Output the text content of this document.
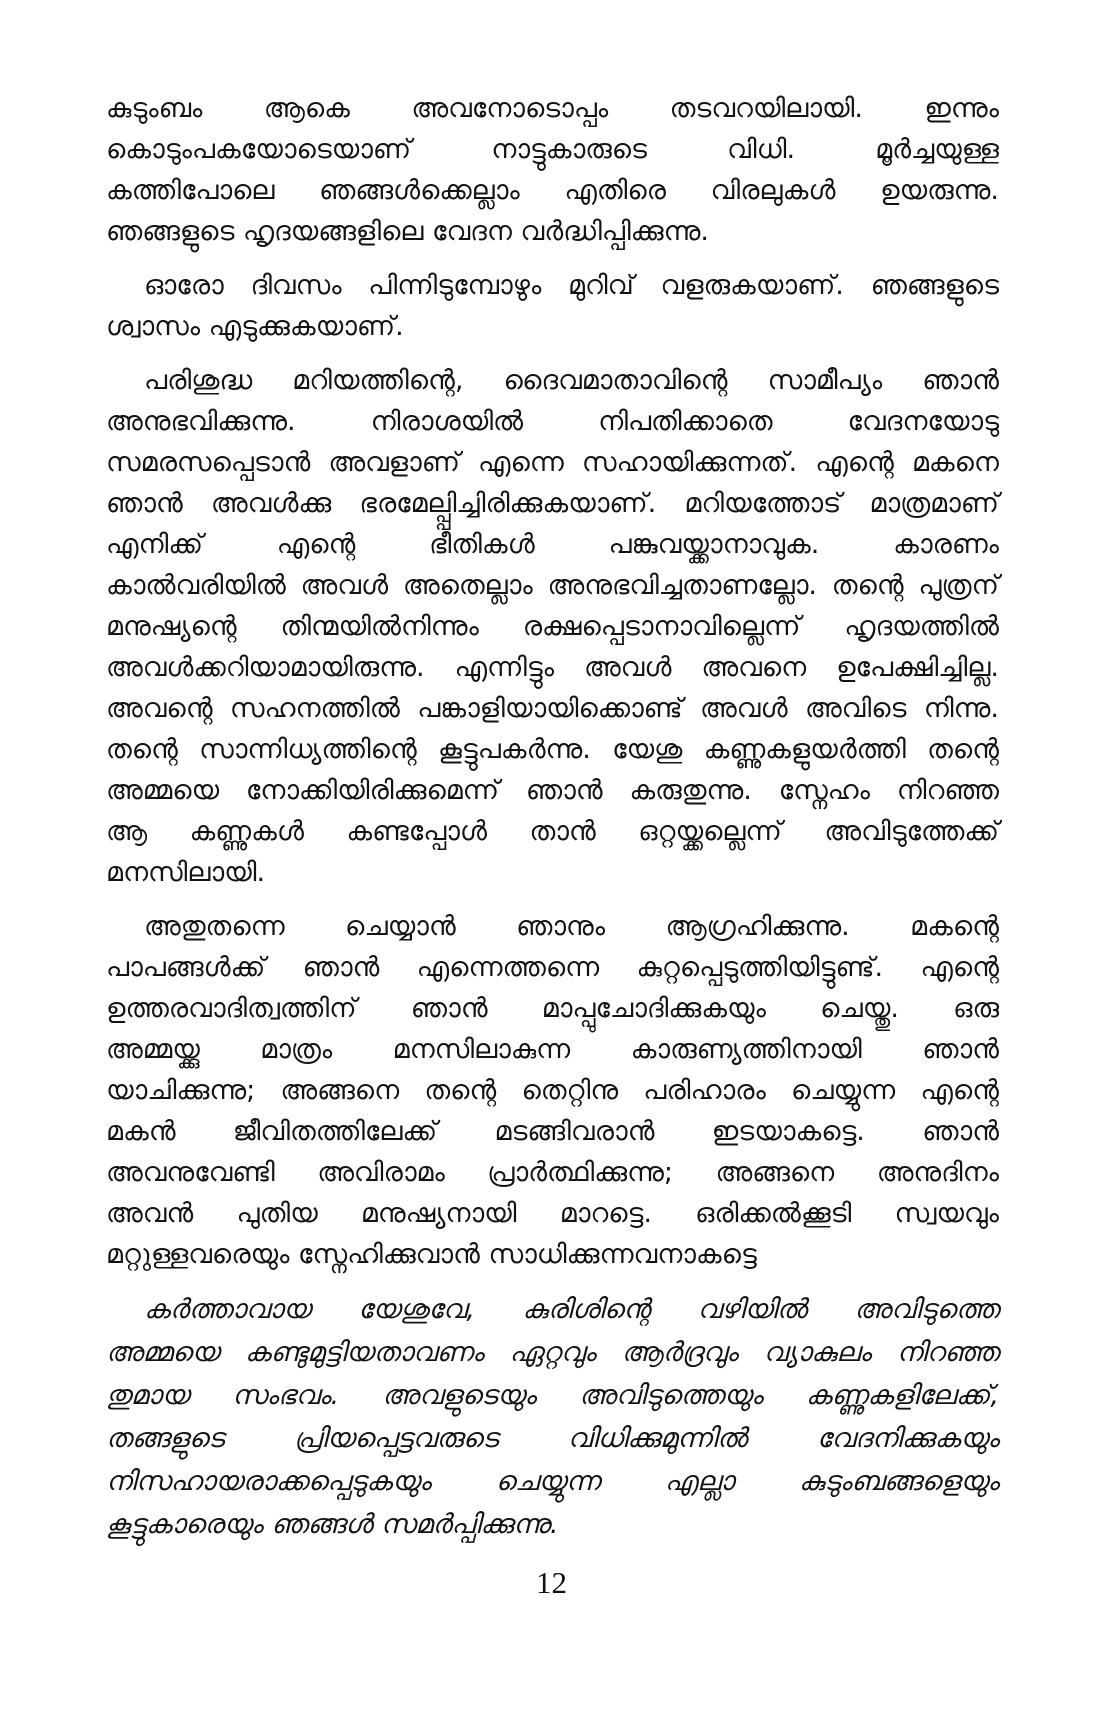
കുടുംബം ആകെ അവനോടൊപ്പം തടവറയിലായി. ഇന്നും
കൊടുംപകയോടെയാണ് നാട്ടുകാരുടെ വിധി. മൂർച്ചയുള്ള
കത്തിപോലെ ഞങ്ങൾക്കെല്ലാം എതിരെ വിരലുകൾ ഉയരുന്നു.
ഞങ്ങളുടെ ഹൃദയങ്ങളിലെ വേദന വർദ്ധിപ്പിക്കുന്നു.
ഓരോ ദിവസം പിന്നിടുമ്പോഴും മുറിവ് വളരുകയാണ്. ഞങ്ങളുടെ
ശ്വാസം എടുക്കുകയാണ്.
പരിശുദ്ധ മറിയത്തിന്റെ, ദൈവമാതാവിന്റെ സാമീപ്യം ഞാൻ
അനുഭവിക്കുന്നു. നിരാശയിൽ നിപതിക്കാതെ വേദനയോടു
സമരസപ്പെടാൻ അവളാണ് എന്നെ സഹായിക്കുന്നത്. എന്റെ മകനെ
ഞാൻ അവൾക്കു ഭരമേല്പ്പിച്ചിരിക്കുകയാണ്. മറിയത്തോട് മാത്രമാണ്
എനിക്ക് എന്റെ ഭീതികൾ പങ്കുവയ്ക്കാനാവുക. കാരണം
കാൽവരിയിൽ അവൾ അതെല്ലാം അനുഭവിച്ചതാണല്ലോ. തന്റെ പുത്രന്
മനുഷ്യന്റെ തിന്മയിൽനിന്നും രക്ഷപ്പെടാനാവില്ലെന്ന് ഹൃദയത്തിൽ
അവൾക്കറിയാമായിരുന്നു. എന്നിട്ടും അവൾ അവനെ ഉപേക്ഷിച്ചില്ല.
അവന്റെ സഹനത്തിൽ പങ്കാളിയായിക്കൊണ്ട് അവൾ അവിടെ നിന്നു.
തന്റെ സാന്നിധ്യത്തിന്റെ കൂട്ടുപകർന്നു. യേശു കണ്ണുകളുയർത്തി തന്റെ
അമ്മയെ നോക്കിയിരിക്കുമെന്ന് ഞാൻ കരുതുന്നു. സ്നേഹം നിറഞ്ഞ
ആ കണ്ണുകൾ കണ്ടപ്പോൾ താൻ ഒറ്റയ്ക്കല്ലെന്ന് അവിടുത്തേക്ക്
മനസിലായി.
അതുതന്നെ ചെയ്യാൻ ഞാനും ആഗ്രഹിക്കുന്നു. മകന്റെ
പാപങ്ങൾക്ക് ഞാൻ എന്നെത്തന്നെ കുറ്റപ്പെടുത്തിയിട്ടുണ്ട്. എന്റെ
ഉത്തരവാദിത്വത്തിന് ഞാൻ മാപ്പുചോദിക്കുകയും ചെയ്തു. ഒരു
അമ്മയ്ക്കു മാത്രം മനസിലാകുന്ന കാരുണ്യത്തിനായി ഞാൻ
യാചിക്കുന്നു; അങ്ങനെ തന്റെ തെറ്റിനു പരിഹാരം ചെയ്യുന്ന എന്റെ
മകൻ ജീവിതത്തിലേക്ക് മടങ്ങിവരാൻ ഇടയാകട്ടെ. ഞാൻ
അവനുവേണ്ടി അവിരാമം പ്രാർത്ഥിക്കുന്നു; അങ്ങനെ അനുദിനം
അവൻ പുതിയ മനുഷ്യനായി മാറട്ടെ. ഒരിക്കൽക്കൂടി സ്വയവും
മറ്റുള്ളവരെയും സ്നേഹിക്കുവാൻ സാധിക്കുന്നവനാകട്ടെ
കർത്താവായ യേശുവേ, കുരിശിന്റെ വഴിയിൽ അവിടുത്തെ
അമ്മയെ കണ്ടുമുട്ടിയതാവണം ഏറ്റവും ആർദ്രവും വ്യാകുലം നിറഞ്ഞ
തുമായ സംഭവം. അവളുടെയും അവിടുത്തെയും കണ്ണുകളിലേക്ക്,
തങ്ങളുടെ പ്രിയപ്പെട്ടവരുടെ വിധിക്കുമുന്നിൽ വേദനിക്കുകയും
നിസഹായരാക്കപ്പെടുകയും ചെയ്യുന്ന എല്ലാ കുടുംബങ്ങളെയും
കൂട്ടുകാരെയും ഞങ്ങൾ സമർപ്പിക്കുന്നു.
12
